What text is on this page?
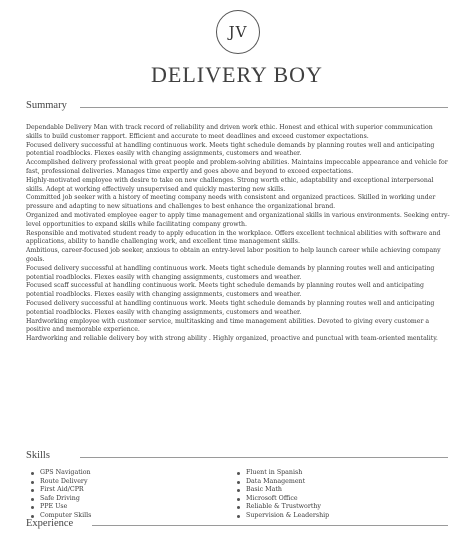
JV
DELIVERY BOY
Summary

Dependable Delivery Man with track record of reliability and driven work ethic. Honest and ethical with superior communication skills to build customer rapport. Efficient and accurate to meet deadlines and exceed customer expectations.

Focused delivery successful at handling continuous work. Meets tight schedule demands by planning routes well and anticipating potential roadblocks. Flexes easily with changing assignments, customers and weather.

Accomplished delivery professional with great people and problem-solving abilities. Maintains impeccable appearance and vehicle for fast, professional deliveries. Manages time expertly and goes above and beyond to exceed expectations.

Highly-motivated employee with desire to take on new challenges. Strong worth ethic, adaptability and exceptional interpersonal skills. Adept at working effectively unsupervised and quickly mastering new skills.

Committed job seeker with a history of meeting company needs with consistent and organized practices. Skilled in working under pressure and adapting to new situations and challenges to best enhance the organizational brand.

Organized and motivated employee eager to apply time management and organizational skills in various environments. Seeking entry-level opportunities to expand skills while facilitating company growth.

Responsible and motivated student ready to apply education in the workplace. Offers excellent technical abilities with software and applications, ability to handle challenging work, and excellent time management skills.

Ambitious, career-focused job seeker, anxious to obtain an entry-level labor position to help launch career while achieving company goals.

Focused delivery successful at handling continuous work. Meets tight schedule demands by planning routes well and anticipating potential roadblocks. Flexes easily with changing assignments, customers and weather.

Focused scaff successful at handling continuous work. Meets tight schedule demands by planning routes well and anticipating potential roadblocks. Flexes easily with changing assignments, customers and weather.

Focused delivery successful at handling continuous work. Meets tight schedule demands by planning routes well and anticipating potential roadblocks. Flexes easily with changing assignments, customers and weather.

Hardworking employee with customer service, multitasking and time management abilities. Devoted to giving every customer a positive and memorable experience.

Hardworking and reliable delivery boy with strong ability . Highly organized, proactive and punctual with team-oriented mentality.

Skills
GPS Navigation
Route Delivery
First Aid/CPR
Safe Driving
PPE Use
Computer Skills
Fluent in Spanish
Data Management
Basic Math
Microsoft Office
Reliable & Trustworthy
Supervision & Leadership
Experience
